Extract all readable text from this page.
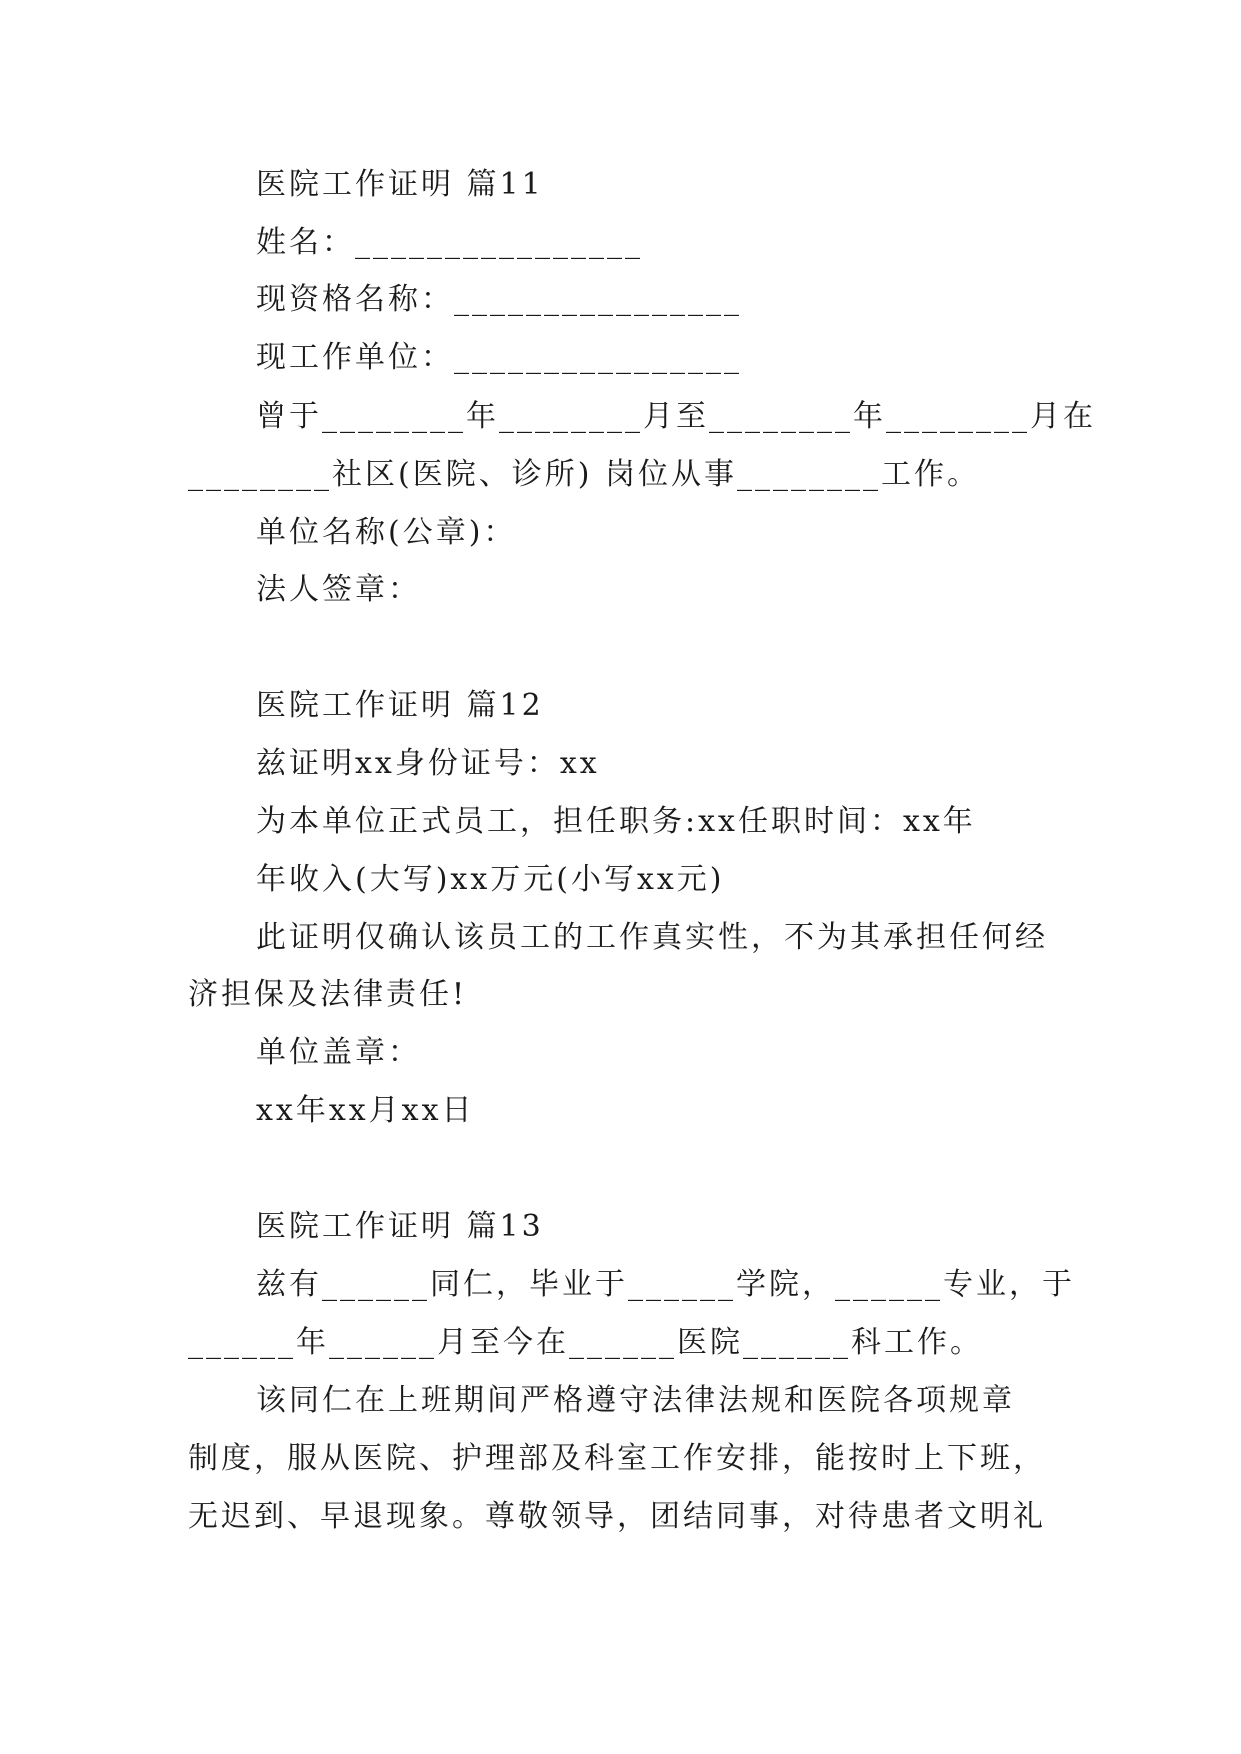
医院工作证明 篇11
姓名：________________
现资格名称：________________
现工作单位：________________
曾于________年________月至________年________月在
________社区(医院、诊所) 岗位从事________工作。
单位名称(公章)：
法人签章：
医院工作证明 篇12
兹证明xx身份证号：xx
为本单位正式员工，担任职务:xx任职时间：xx年
年收入(大写)xx万元(小写xx元)
此证明仅确认该员工的工作真实性，不为其承担任何经
济担保及法律责任!
单位盖章：
xx年xx月xx日
医院工作证明 篇13
兹有______同仁，毕业于______学院，______专业，于
______年______月至今在______医院______科工作。
该同仁在上班期间严格遵守法律法规和医院各项规章
制度，服从医院、护理部及科室工作安排，能按时上下班，
无迟到、早退现象。尊敬领导，团结同事，对待患者文明礼
